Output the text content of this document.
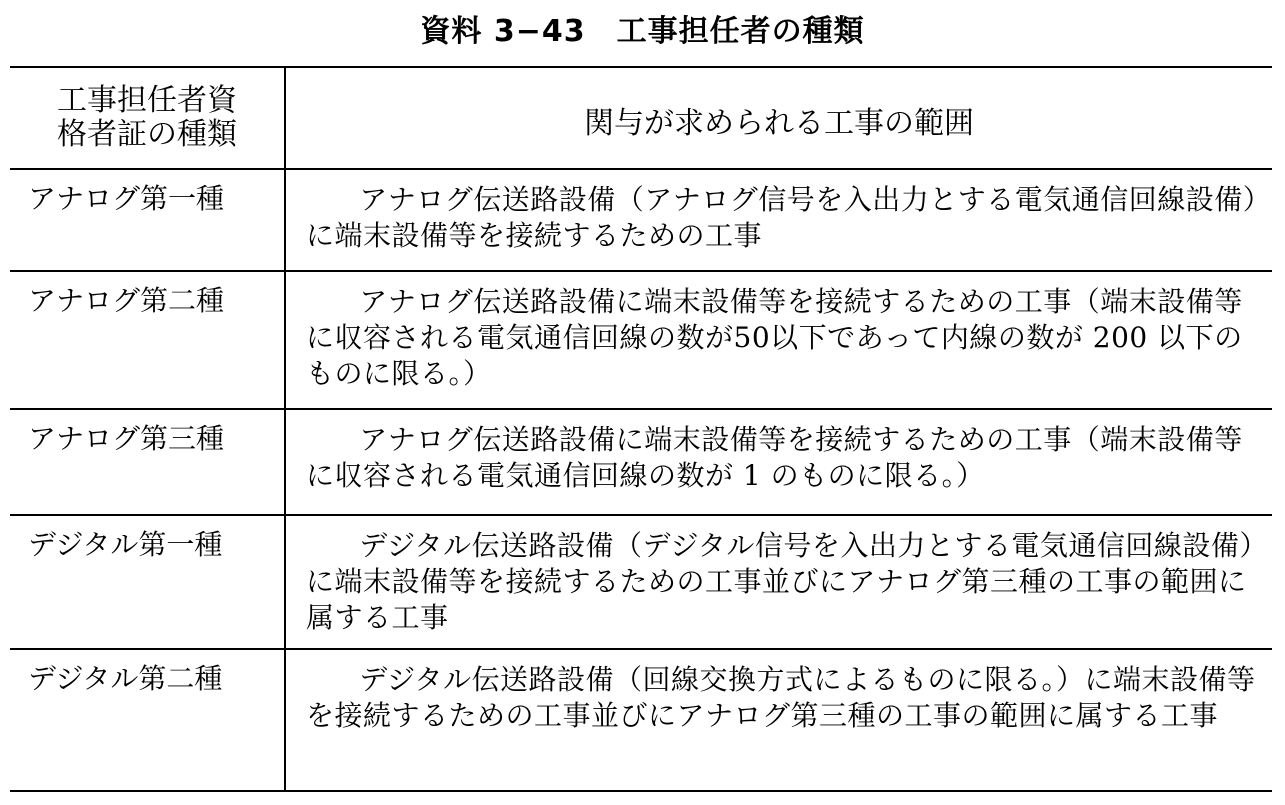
資料 3−43　工事担任者の種類
工事担任者資
格者証の種類	関与が求められる工事の範囲
アナログ第一種	アナログ伝送路設備（アナログ信号を入出力とする電気通信回線設備）に端末設備等を接続するための工事
アナログ第二種	アナログ伝送路設備に端末設備等を接続するための工事（端末設備等に収容される電気通信回線の数が50以下であって内線の数が 200 以下のものに限る。）
アナログ第三種	アナログ伝送路設備に端末設備等を接続するための工事（端末設備等に収容される電気通信回線の数が 1 のものに限る。）
デジタル第一種	デジタル伝送路設備（デジタル信号を入出力とする電気通信回線設備）に端末設備等を接続するための工事並びにアナログ第三種の工事の範囲に属する工事
デジタル第二種	デジタル伝送路設備（回線交換方式によるものに限る。）に端末設備等を接続するための工事並びにアナログ第三種の工事の範囲に属する工事
